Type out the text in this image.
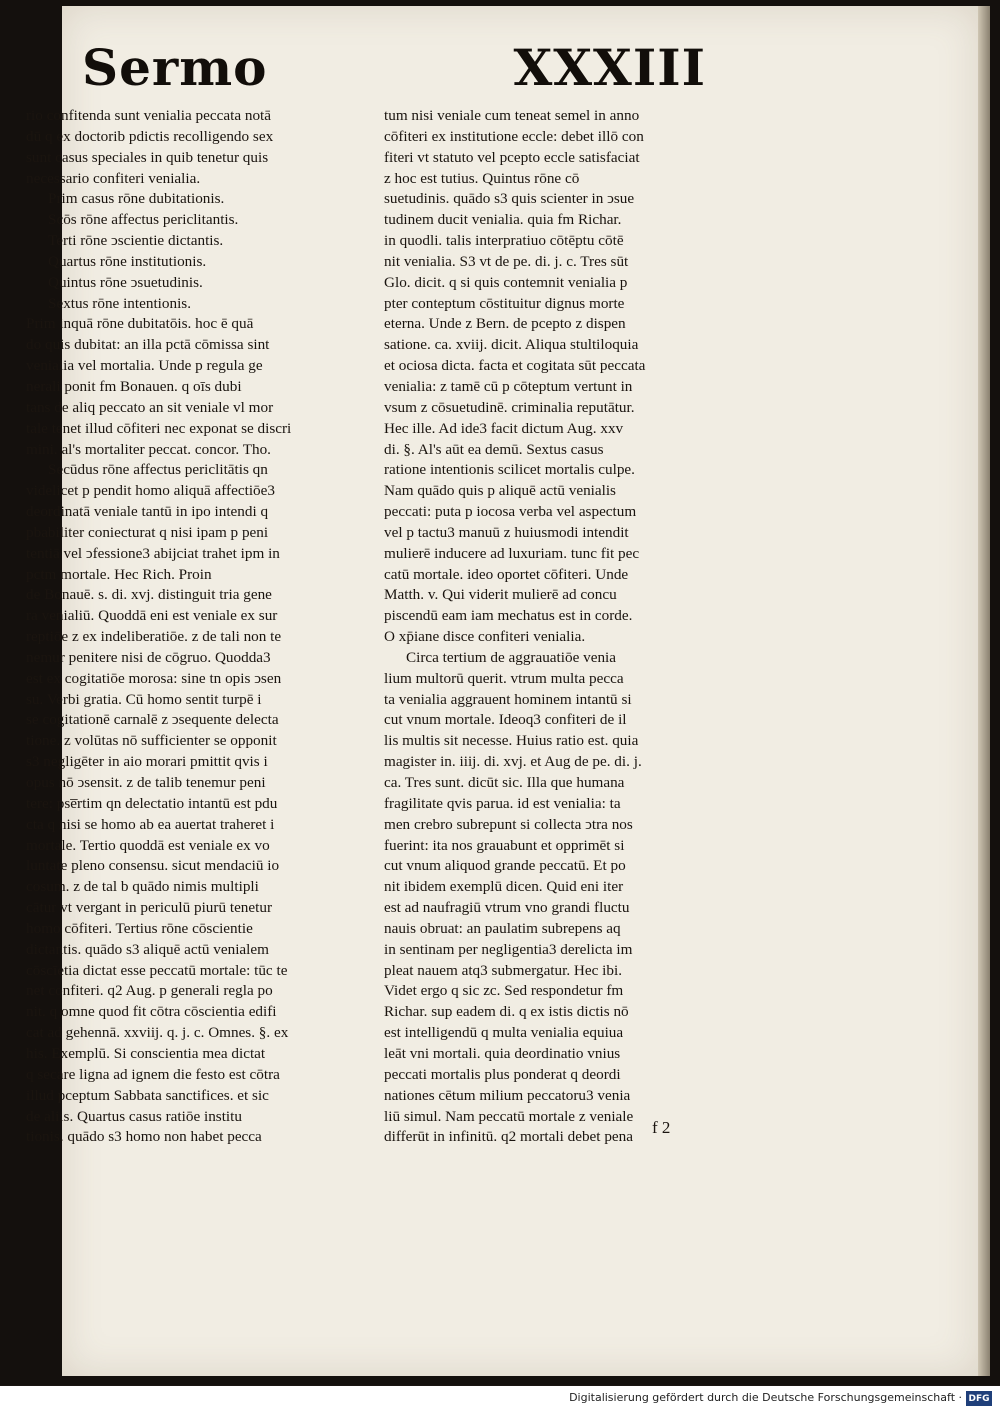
Sermo	XXXIII
rio confitenda sunt venialia peccata notā
dū q ex doctorib pdictis recolligendo sex
sunt casus speciales in quib tenetur quis
necessario confiteri venialia.
Prim casus rōne dubitationis.
Scōs rōne affectus periclitantis.
Terti rōne ↄscientie dictantis.
Quartus rōne institutionis.
Quintus rōne ↄsuetudinis.
Sextus rōne intentionis.
Prim inquā rōne dubitatōis. hoc ē quā
do quis dubitat: an illa pctā cōmissa sint
venialia vel mortalia. Unde p regula ge
nerali ponit fm Bonauen. q oīs dubi
tans de aliq peccato an sit veniale vl mor
tale tenet illud cōfiteri nec exponat se discri
mini. al's mortaliter peccat. concor. Tho.
Secūdus rōne affectus periclitātis qn
videlicet p pendit homo aliquā affectiōe3
deordinatā veniale tantū in ipo intendi q
pbabiliter coniecturat q nisi ipam p peni
tentiā vel ↄfessione3 abijciat trahet ipm in
pctm mortale. Hec Rich. Proin
de Bonauē. s. di. xvj. distinguit tria gene
ra venialiū. Quoddā eni est veniale ex sur
reptiōe z ex indeliberatiōe. z de tali non te
nemur penitere nisi de cōgruo. Quodda3
est ex cogitatiōe morosa: sine tn opis ↄsen
su. Verbi gratia. Cū homo sentit turpē i
se cogitationē carnalē z ↄsequente delecta
tione. z volūtas nō sufficienter se opponit
s3 negligēter in aio morari pmittit qvis i
opus nō ↄsensit. z de talib tenemur peni
tere: pse̅rtim qn delectatio intantū est pdu
cta q nisi se homo ab ea auertat traheret i
mortale. Tertio quoddā est veniale ex vo
luntate pleno consensu. sicut mendaciū io
cosum. z de tal b quādo nimis multipli
cātur vt vergant in periculū piurū tenetur
homo cōfiteri. Tertius rōne cōscientie
dictantis. quādo s3 aliquē actū venialem
cōscīetia dictat esse peccatū mortale: tūc te
net confiteri. q2 Aug. p generali regla po
nit. q omne quod fit cōtra cōscientia edifi
cat ad gehennā. xxviij. q. j. c. Omnes. §. ex
his. Exemplū. Si conscientia mea dictat
q secare ligna ad ignem die festo est cōtra
illud pceptum Sabbata sanctifices. et sic
de aliis. Quartus casus ratiōe institu
tionis. quādo s3 homo non habet pecca
tum nisi veniale cum teneat semel in anno
cōfiteri ex institutione eccle: debet illō con
fiteri vt statuto vel pcepto eccle satisfaciat
z hoc est tutius. Quintus rōne cō
suetudinis. quādo s3 quis scienter in ↄsue
tudinem ducit venialia. quia fm Richar.
in quodli. talis interpratiuo cōtēptu cōtē
nit venialia. S3 vt de pe. di. j. c. Tres sūt
Glo. dicit. q si quis contemnit venialia p
pter conteptum cōstituitur dignus morte
eterna. Unde z Bern. de pcepto z dispen
satione. ca. xviij. dicit. Aliqua stultiloquia
et ociosa dicta. facta et cogitata sūt peccata
venialia: z tamē cū p cōteptum vertunt in
vsum z cōsuetudinē. criminalia reputātur.
Hec ille. Ad ide3 facit dictum Aug. xxv
di. §. Al's aūt ea demū. Sextus casus
ratione intentionis scilicet mortalis culpe.
Nam quādo quis p aliquē actū venialis
peccati: puta p iocosa verba vel aspectum
vel p tactu3 manuū z huiusmodi intendit
mulierē inducere ad luxuriam. tunc fit pec
catū mortale. ideo oportet cōfiteri. Unde
Matth. v. Qui viderit mulierē ad concu
piscendū eam iam mechatus est in corde.
O xp̄iane disce confiteri venialia.
Circa tertium de aggrauatiōe venia
lium multorū querit. vtrum multa pecca
ta venialia aggrauent hominem intantū si
cut vnum mortale. Ideoq3 confiteri de il
lis multis sit necesse. Huius ratio est. quia
magister in. iiij. di. xvj. et Aug de pe. di. j.
ca. Tres sunt. dicūt sic. Illa que humana
fragilitate qvis parua. id est venialia: ta
men crebro subrepunt si collecta ↄtra nos
fuerint: ita nos grauabunt et opprimēt si
cut vnum aliquod grande peccatū. Et po
nit ibidem exemplū dicen. Quid eni iter
est ad naufragiū vtrum vno grandi fluctu
nauis obruat: an paulatim subrepens aq
in sentinam per negligentia3 derelicta im
pleat nauem atq3 submergatur. Hec ibi.
Videt ergo q sic zc. Sed respondetur fm
Richar. sup eadem di. q ex istis dictis nō
est intelligendū q multa venialia equiua
leāt vni mortali. quia deordinatio vnius
peccati mortalis plus ponderat q deordi
nationes cētum milium peccatoru3 venia
liū simul. Nam peccatū mortale z veniale
differūt in infinitū. q2 mortali debet pena	f 2
Digitalisierung gefördert durch die Deutsche Forschungsgemeinschaft · DFG
